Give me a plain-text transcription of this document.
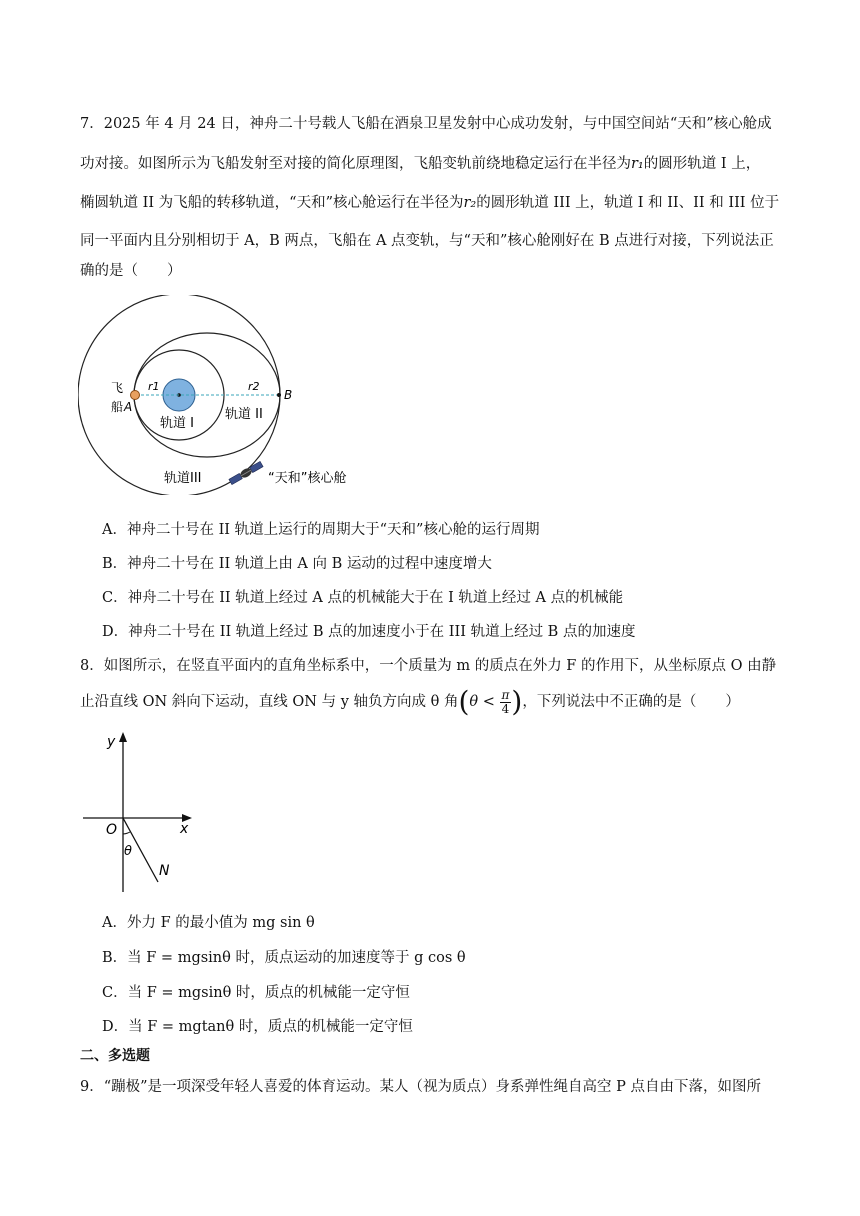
7．2025 年 4 月 24 日，神舟二十号载人飞船在酒泉卫星发射中心成功发射，与中国空间站“天和”核心舱成
功对接。如图所示为飞船发射至对接的简化原理图，飞船变轨前绕地稳定运行在半径为r₁的圆形轨道 I 上，
椭圆轨道 II 为飞船的转移轨道，“天和”核心舱运行在半径为r₂的圆形轨道 III 上，轨道 I 和 II、II 和 III 位于
同一平面内且分别相切于 A，B 两点，飞船在 A 点变轨，与“天和”核心舱刚好在 B 点进行对接，下列说法正
确的是（　　）
飞
船 A
B
r1	r2
轨道 I
轨道 II
轨道III	“天和”核心舱
A．神舟二十号在 II 轨道上运行的周期大于“天和”核心舱的运行周期
B．神舟二十号在 II 轨道上由 A 向 B 运动的过程中速度增大
C．神舟二十号在 II 轨道上经过 A 点的机械能大于在 I 轨道上经过 A 点的机械能
D．神舟二十号在 II 轨道上经过 B 点的加速度小于在 III 轨道上经过 B 点的加速度
8．如图所示，在竖直平面内的直角坐标系中，一个质量为 m 的质点在外力 F 的作用下，从坐标原点 O 由静
止沿直线 ON 斜向下运动，直线 ON 与 y 轴负方向成 θ 角($\theta < \frac{\pi}{4}$ )，下列说法中不正确的是（　　）
y
x
O
θ
N
A．外力 F 的最小值为 mg sin θ
B．当 F = mgsinθ 时，质点运动的加速度等于 g cos θ
C．当 F = mgsinθ 时，质点的机械能一定守恒
D．当 F = mgtanθ 时，质点的机械能一定守恒
二、多选题
9．“蹦极”是一项深受年轻人喜爱的体育运动。某人（视为质点）身系弹性绳自高空 P 点自由下落，如图所
